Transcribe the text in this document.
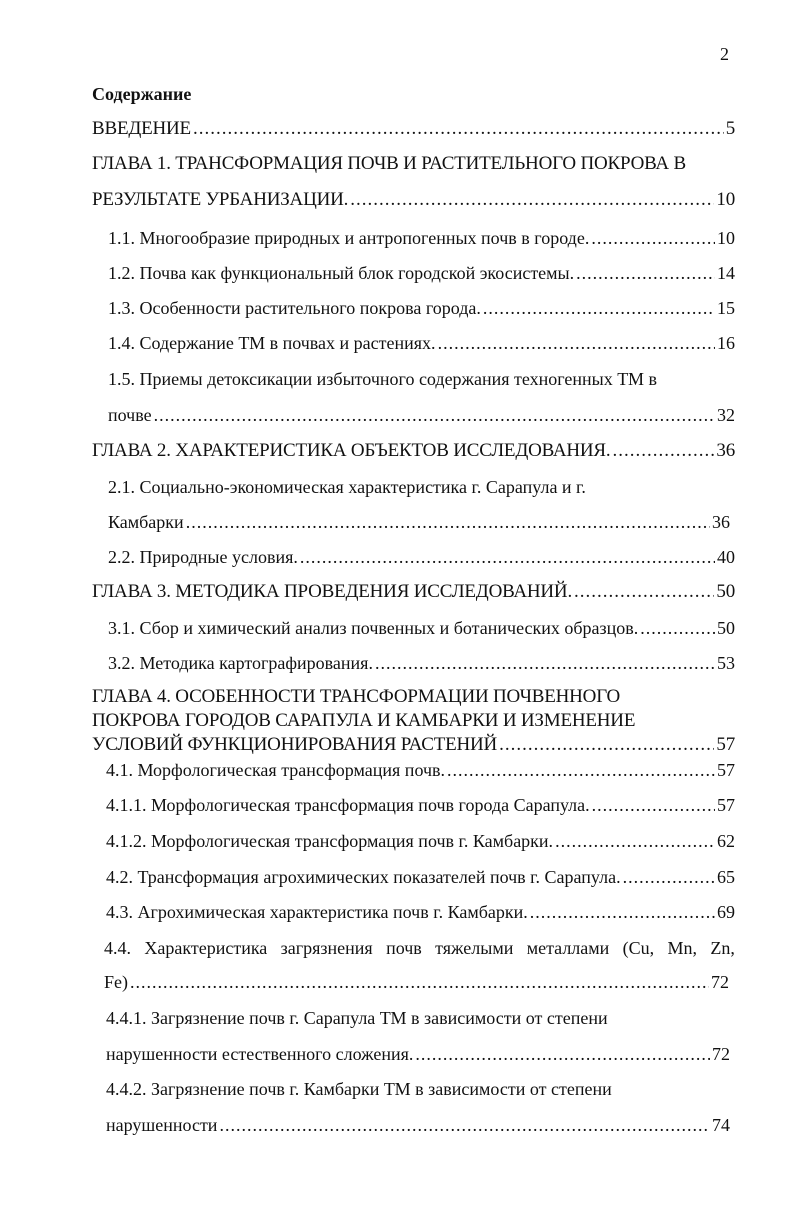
2
Содержание
ВВЕДЕНИЕ .....	5
ГЛАВА 1. ТРАНСФОРМАЦИЯ ПОЧВ И РАСТИТЕЛЬНОГО ПОКРОВА В
РЕЗУЛЬТАТЕ УРБАНИЗАЦИИ. .....	10
1.1. Многообразие природных и антропогенных почв в городе. .....	10
1.2. Почва как функциональный блок городской экосистемы. .....	14
1.3. Особенности растительного покрова города. .....	15
1.4. Содержание ТМ в почвах и растениях. .....	16
1.5. Приемы детоксикации избыточного содержания техногенных ТМ в
почве .....	32
ГЛАВА 2. ХАРАКТЕРИСТИКА ОБЪЕКТОВ ИССЛЕДОВАНИЯ. .....	36
2.1. Социально-экономическая характеристика г. Сарапула и г.
Камбарки .....	36
2.2. Природные условия. .....	40
ГЛАВА 3. МЕТОДИКА ПРОВЕДЕНИЯ ИССЛЕДОВАНИЙ. .....	50
3.1. Сбор и химический анализ почвенных и ботанических образцов. .....	50
3.2. Методика картографирования. .....	53
ГЛАВА 4. ОСОБЕННОСТИ ТРАНСФОРМАЦИИ ПОЧВЕННОГО
ПОКРОВА ГОРОДОВ САРАПУЛА И КАМБАРКИ И ИЗМЕНЕНИЕ
УСЛОВИЙ ФУНКЦИОНИРОВАНИЯ РАСТЕНИЙ .....	57
4.1. Морфологическая трансформация почв. .....	57
4.1.1. Морфологическая трансформация почв города Сарапула. .....	57
4.1.2. Морфологическая трансформация почв г. Камбарки. .....	62
4.2. Трансформация агрохимических показателей почв г. Сарапула. .....	65
4.3. Агрохимическая характеристика почв г. Камбарки. .....	69
4.4. Характеристика загрязнения почв тяжелыми металлами (Cu, Mn, Zn,
Fe) .....	72
4.4.1. Загрязнение почв г. Сарапула ТМ в зависимости от степени
нарушенности естественного сложения. .....	72
4.4.2. Загрязнение почв г. Камбарки ТМ в зависимости от степени
нарушенности .....	74
